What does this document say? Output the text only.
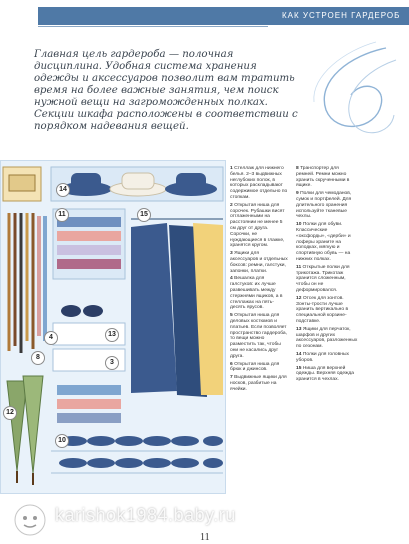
КАК УСТРОЕН ГАРДЕРОБ
Главная цель гардероба — полочная дисциплина. Удобная система хранения одежды и аксессуаров позволит вам тратить время на более важные занятия, чем поиск нужной вещи на загроможденных полках. Секции шкафа расположены в соответствии с порядком надевания вещей.
14
11
13
15
3
4
8
12
10

1 Стеллаж для нижнего белья. 2–3 выдвижных неглубоких полок, в которых раскладывают содержимое отдельно по стопкам.

2 Открытая ниша для сорочек. Рубашки висят отглаженными на расстоянии не менее 5 см друг от друга. Сорочки, не нуждающиеся в глажке, хранятся кругом.

3 Ящики для аксессуаров и отдельных боксов: ремни, галстуки, запонки, платки.

4 Вешалка для галстуков: их лучше развешивать между стержнями ящиков, а в стеллажах на пять-десять ярусов.

5 Открытая ниша для деловых костюмов и платьев. Если позволяет пространство гардероба, то вещи можно разместить так, чтобы они не касались друг друга.

6 Открытая ниша для брюк и джинсов.

7 Выдвижные ящики для носков, разбитые на ячейки.

8 Транспортер для ремней. Ремни можно хранить скрученными в ящике.

9 Полки для чемоданов, сумок и портфелей. Для длительного хранения используйте тканевые чехлы.

10 Полки для обуви. Классические «оксфорды», «дерби» и лоферы храните на колодках, мягкую и спортивную обувь — на нижних полках.

11 Открытые полки для трикотажа. Трикотаж хранится сложенным, чтобы он не деформировался.

12 Отсек для зонтов. Зонты-трости лучше хранить вертикально в специальной корзине-подставке.

13 Ящики для перчаток, шарфов и других аксессуаров, разложенных по сезонам.

14 Полки для головных уборов.

15 Ниша для верхней одежды. Верхняя одежда хранится в чехлах.

karishok1984.baby.ru
11
